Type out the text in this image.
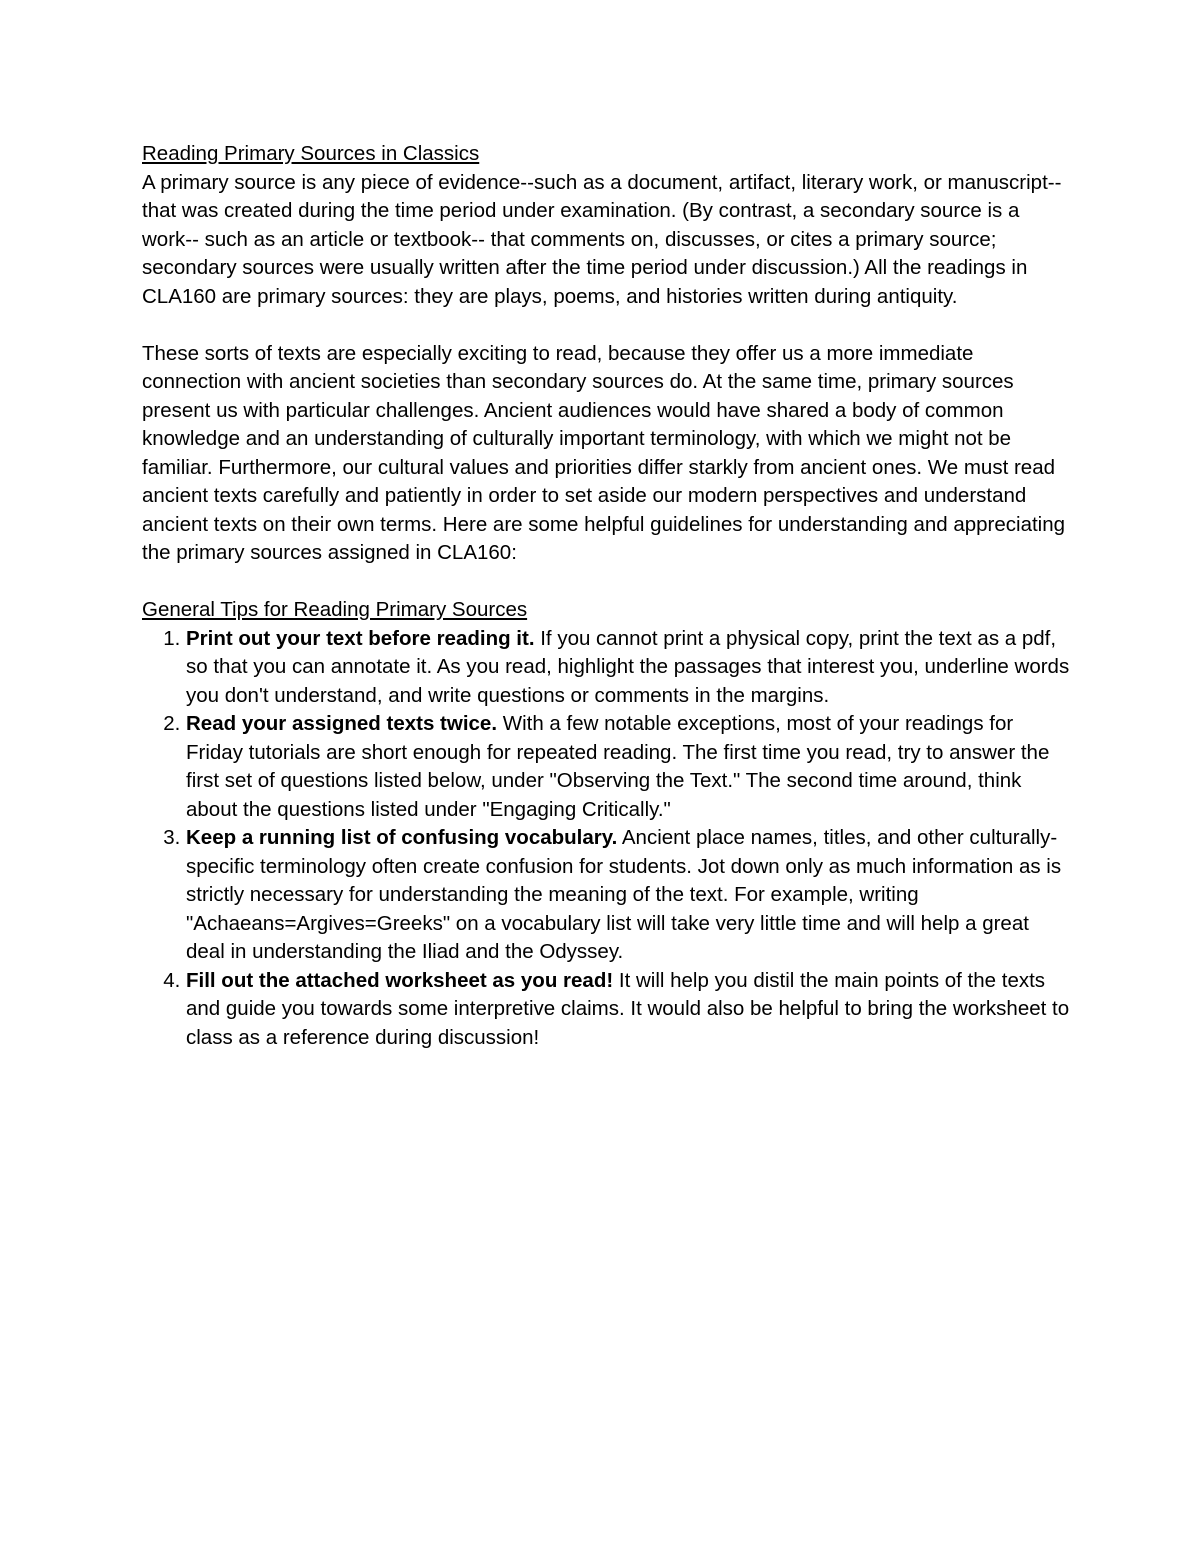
Reading Primary Sources in Classics

A primary source is any piece of evidence--such as a document, artifact, literary work, or manuscript-- that was created during the time period under examination. (By contrast, a secondary source is a work-- such as an article or textbook-- that comments on, discusses, or cites a primary source; secondary sources were usually written after the time period under discussion.) All the readings in CLA160 are primary sources: they are plays, poems, and histories written during antiquity.

These sorts of texts are especially exciting to read, because they offer us a more immediate connection with ancient societies than secondary sources do. At the same time, primary sources present us with particular challenges. Ancient audiences would have shared a body of common knowledge and an understanding of culturally important terminology, with which we might not be familiar. Furthermore, our cultural values and priorities differ starkly from ancient ones. We must read ancient texts carefully and patiently in order to set aside our modern perspectives and understand ancient texts on their own terms. Here are some helpful guidelines for understanding and appreciating the primary sources assigned in CLA160:

General Tips for Reading Primary Sources
1. Print out your text before reading it. If you cannot print a physical copy, print the text as a pdf, so that you can annotate it. As you read, highlight the passages that interest you, underline words you don't understand, and write questions or comments in the margins.
2. Read your assigned texts twice. With a few notable exceptions, most of your readings for Friday tutorials are short enough for repeated reading. The first time you read, try to answer the first set of questions listed below, under "Observing the Text." The second time around, think about the questions listed under "Engaging Critically."
3. Keep a running list of confusing vocabulary. Ancient place names, titles, and other culturally-specific terminology often create confusion for students. Jot down only as much information as is strictly necessary for understanding the meaning of the text. For example, writing "Achaeans=Argives=Greeks" on a vocabulary list will take very little time and will help a great deal in understanding the Iliad and the Odyssey.
4. Fill out the attached worksheet as you read! It will help you distil the main points of the texts and guide you towards some interpretive claims. It would also be helpful to bring the worksheet to class as a reference during discussion!
